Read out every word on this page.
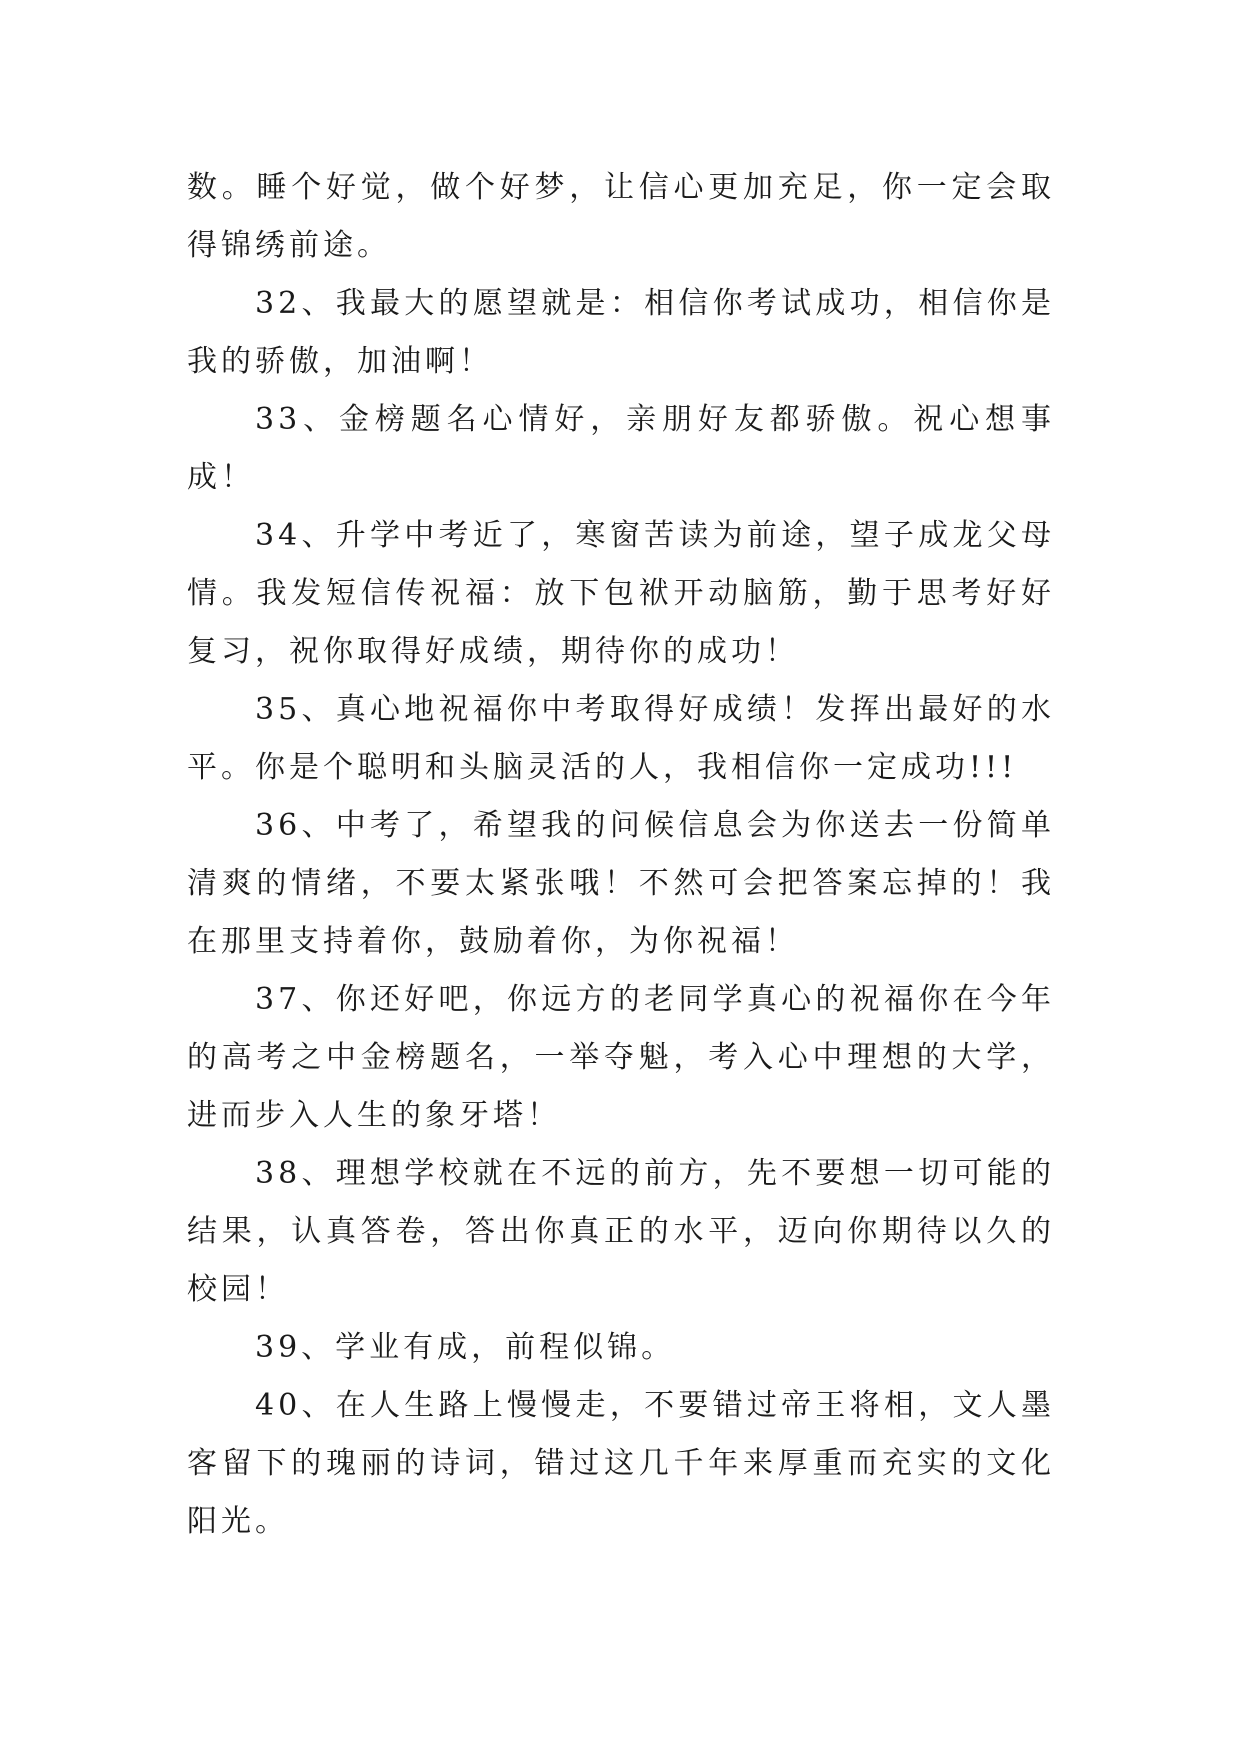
数。睡个好觉，做个好梦，让信心更加充足，你一定会取得锦绣前途。

32、我最大的愿望就是：相信你考试成功，相信你是我的骄傲，加油啊！

33、金榜题名心情好，亲朋好友都骄傲。祝心想事成！

34、升学中考近了，寒窗苦读为前途，望子成龙父母情。我发短信传祝福：放下包袱开动脑筋，勤于思考好好复习，祝你取得好成绩，期待你的成功！

35、真心地祝福你中考取得好成绩！发挥出最好的水平。你是个聪明和头脑灵活的人，我相信你一定成功!!!

36、中考了，希望我的问候信息会为你送去一份简单清爽的情绪，不要太紧张哦！不然可会把答案忘掉的！我在那里支持着你，鼓励着你，为你祝福！

37、你还好吧，你远方的老同学真心的祝福你在今年的高考之中金榜题名，一举夺魁，考入心中理想的大学，进而步入人生的象牙塔！

38、理想学校就在不远的前方，先不要想一切可能的结果，认真答卷，答出你真正的水平，迈向你期待以久的校园！

39、学业有成，前程似锦。

40、在人生路上慢慢走，不要错过帝王将相，文人墨客留下的瑰丽的诗词，错过这几千年来厚重而充实的文化阳光。
